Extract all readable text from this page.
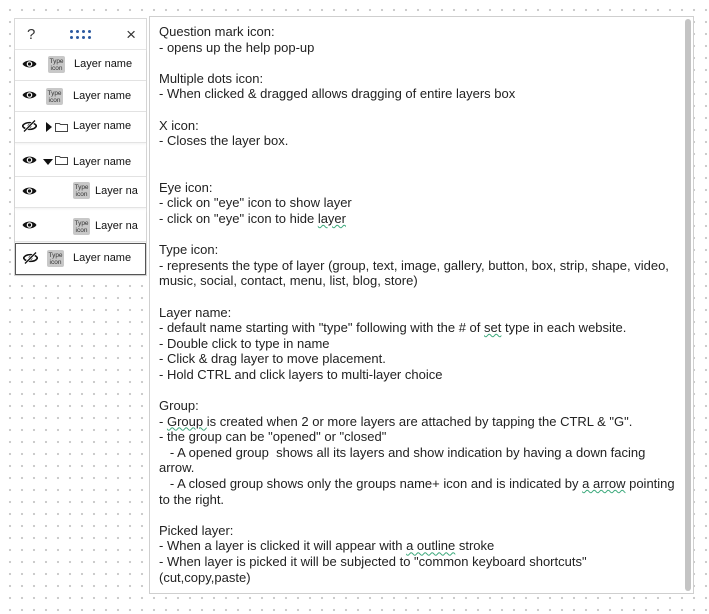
?	×
Type icon Layer name
Type icon Layer name
Layer name
Layer name
Type icon Layer na
Type icon Layer na
Type icon Layer name

Question mark icon:

- opens up the help pop-up

Multiple dots icon:

- When clicked & dragged allows dragging of entire layers box

X icon:

- Closes the layer box.

Eye icon:

- click on "eye" icon to show layer

- click on "eye" icon to hide layer

Type icon:

- represents the type of layer (group, text, image, gallery, button, box, strip, shape, video, music, social, contact, menu, list, blog, store)

Layer name:

- default name starting with "type" following with the # of set type in each website.

- Double click to type in name

- Click & drag layer to move placement.

- Hold CTRL and click layers to multi-layer choice

Group:

- Group is created when 2 or more layers are attached by tapping the CTRL & "G".

- the group can be "opened" or "closed"

- A opened group  shows all its layers and show indication by having a down facing arrow.

- A closed group shows only the groups name+ icon and is indicated by a arrow pointing to the right.

Picked layer:

- When a layer is clicked it will appear with a outline stroke

- When layer is picked it will be subjected to "common keyboard shortcuts" (cut,copy,paste)
